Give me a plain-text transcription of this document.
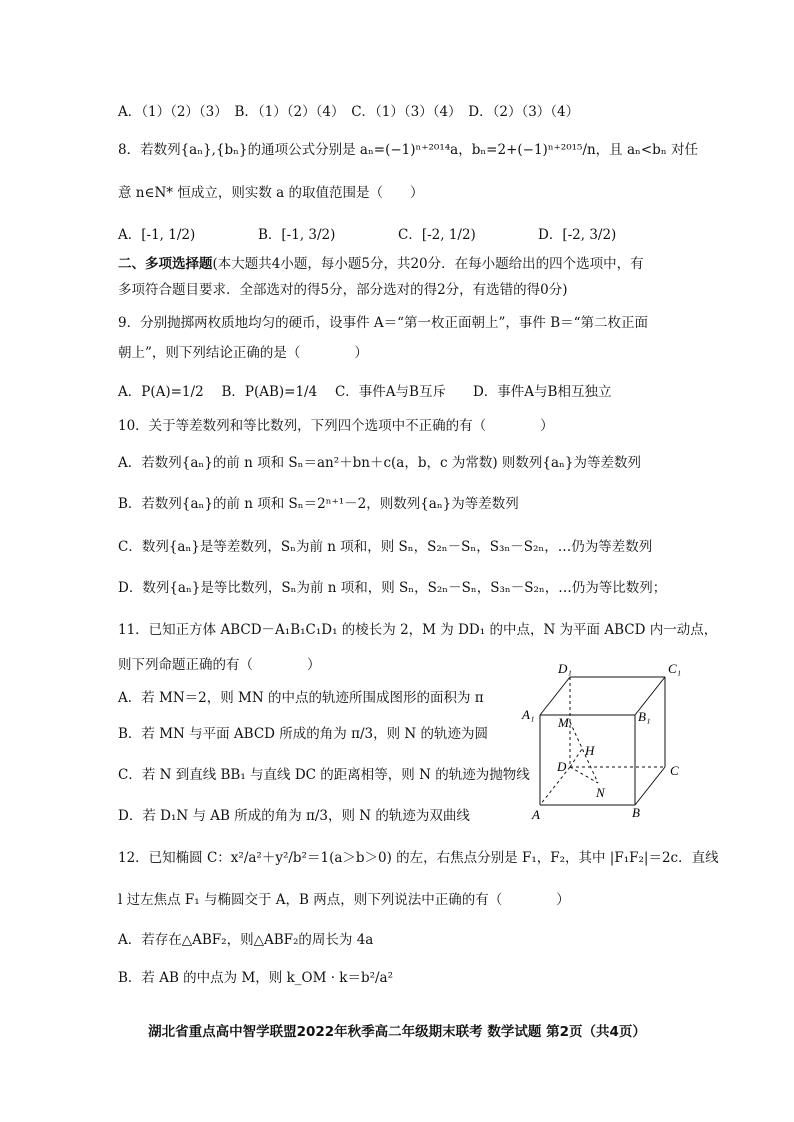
A．（1）（2）（3）　B．（1）（2）（4）　C．（1）（3）（4）　D．（2）（3）（4）
8．若数列{aₙ},{bₙ}的通项公式分别是 aₙ=(−1)ⁿ⁺²⁰¹⁴a，bₙ=2+(−1)ⁿ⁺²⁰¹⁵/n，且 aₙ<bₙ 对任
意 n∈N* 恒成立，则实数 a 的取值范围是（　　）
A．[-1, 1/2)	B．[-1, 3/2)	C．[-2, 1/2)	D．[-2, 3/2)
二、多项选择题(本大题共4小题，每小题5分，共20分．在每小题给出的四个选项中，有
多项符合题目要求．全部选对的得5分，部分选对的得2分，有选错的得0分)
9．分别抛掷两枚质地均匀的硬币，设事件 A＝“第一枚正面朝上”，事件 B＝“第二枚正面
朝上”，则下列结论正确的是（　　　　）
A．P(A)=1/2　 B．P(AB)=1/4　 C．事件A与B互斥　　D．事件A与B相互独立
10．关于等差数列和等比数列，下列四个选项中不正确的有（　　　　）
A．若数列{aₙ}的前 n 项和 Sₙ＝an²＋bn＋c(a，b，c 为常数) 则数列{aₙ}为等差数列
B．若数列{aₙ}的前 n 项和 Sₙ＝2ⁿ⁺¹－2，则数列{aₙ}为等差数列
C．数列{aₙ}是等差数列，Sₙ为前 n 项和，则 Sₙ，S₂ₙ－Sₙ，S₃ₙ－S₂ₙ，…仍为等差数列
D．数列{aₙ}是等比数列，Sₙ为前 n 项和，则 Sₙ，S₂ₙ－Sₙ，S₃ₙ－S₂ₙ，…仍为等比数列；
11．已知正方体 ABCD－A₁B₁C₁D₁ 的棱长为 2，M 为 DD₁ 的中点，N 为平面 ABCD 内一动点，
则下列命题正确的有（　　　　）
A．若 MN＝2，则 MN 的中点的轨迹所围成图形的面积为 π
B．若 MN 与平面 ABCD 所成的角为 π/3，则 N 的轨迹为圆
C．若 N 到直线 BB₁ 与直线 DC 的距离相等，则 N 的轨迹为抛物线
D．若 D₁N 与 AB 所成的角为 π/3，则 N 的轨迹为双曲线
D₁	C₁
A₁	B₁
M
H
D	C
N
A	B
12．已知椭圆 C：x²/a²＋y²/b²＝1(a＞b＞0) 的左，右焦点分别是 F₁，F₂，其中 |F₁F₂|＝2c．直线
l 过左焦点 F₁ 与椭圆交于 A，B 两点，则下列说法中正确的有（　　　　）
A．若存在△ABF₂，则△ABF₂的周长为 4a
B．若 AB 的中点为 M，则 k_OM · k＝b²/a²
湖北省重点高中智学联盟2022年秋季高二年级期末联考 数学试题 第2页（共4页）
